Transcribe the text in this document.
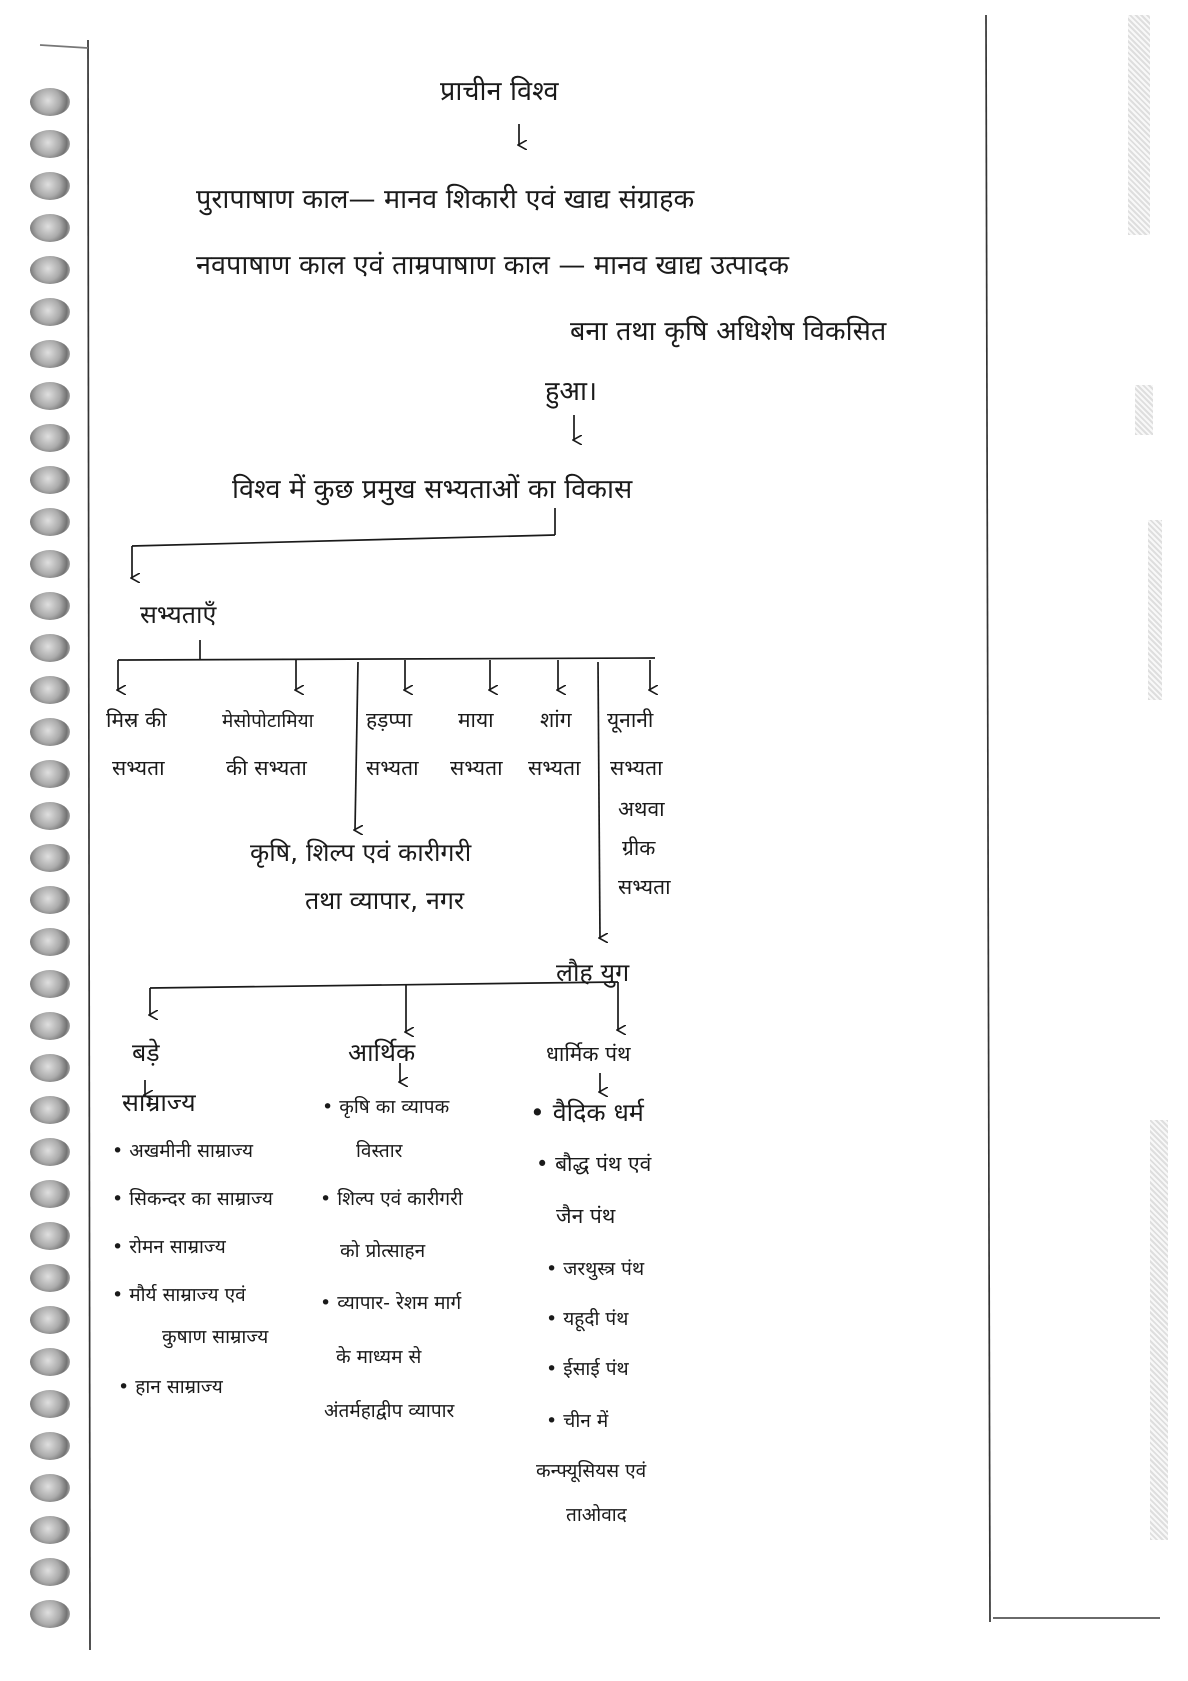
प्राचीन विश्व
पुरापाषाण काल— मानव शिकारी एवं खाद्य संग्राहक
नवपाषाण काल एवं ताम्रपाषाण काल — मानव खाद्य उत्पादक
बना तथा कृषि अधिशेष विकसित
हुआ।
विश्व में कुछ प्रमुख सभ्यताओं का विकास
सभ्यताएँ
मिस्र की
सभ्यता
मेसोपोटामिया
की सभ्यता
हड़प्पा
सभ्यता
माया
सभ्यता
शांग
सभ्यता
यूनानी
सभ्यता
अथवा
ग्रीक
सभ्यता
कृषि, शिल्प एवं कारीगरी
तथा व्यापार, नगर
लौह युग
बड़े
साम्राज्य
• अखमीनी साम्राज्य
• सिकन्दर का साम्राज्य
• रोमन साम्राज्य
• मौर्य साम्राज्य एवं
कुषाण साम्राज्य
• हान साम्राज्य
आर्थिक
• कृषि का व्यापक
विस्तार
• शिल्प एवं कारीगरी
को प्रोत्साहन
• व्यापार- रेशम मार्ग
के माध्यम से
अंतर्महाद्वीप व्यापार
धार्मिक पंथ
• वैदिक धर्म
• बौद्ध पंथ एवं
जैन पंथ
• जरथुस्त्र पंथ
• यहूदी पंथ
• ईसाई पंथ
• चीन में
कन्फ्यूसियस एवं
ताओवाद
